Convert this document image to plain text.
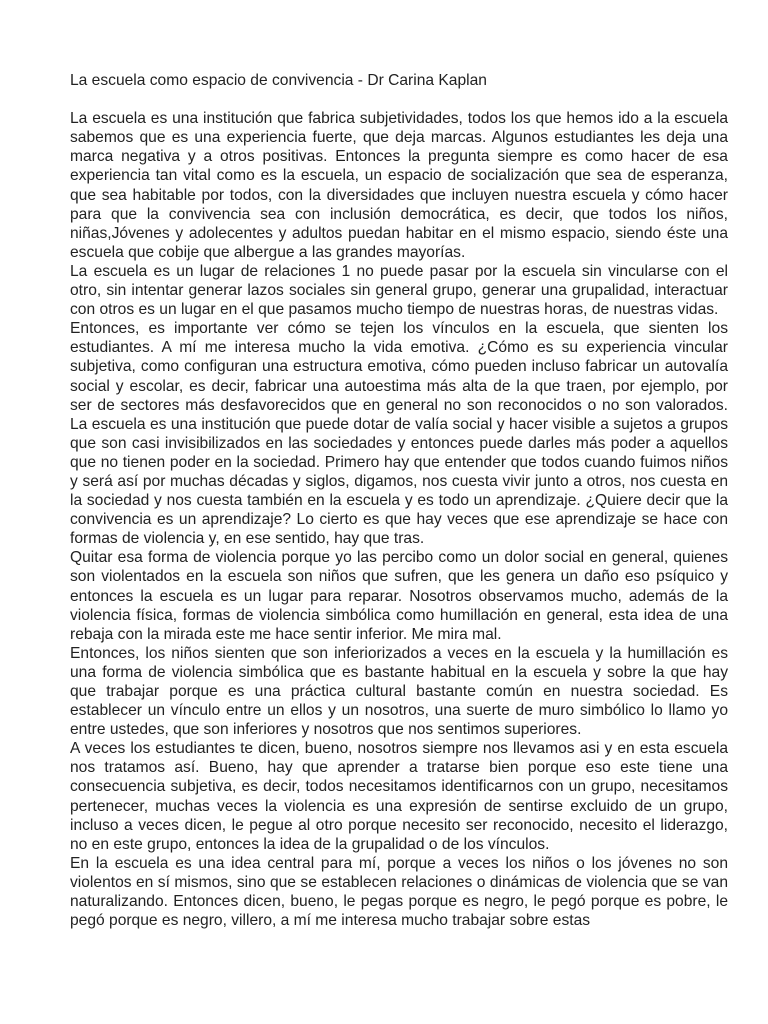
La escuela como espacio de convivencia - Dr Carina Kaplan

La escuela es una institución que fabrica subjetividades, todos los que hemos ido a la escuela sabemos que es una experiencia fuerte, que deja marcas. Algunos estudiantes les deja una marca negativa y a otros positivas. Entonces la pregunta siempre es como hacer de esa experiencia tan vital como es la escuela, un espacio de socialización que sea de esperanza, que sea habitable por todos, con la diversidades que incluyen nuestra escuela y cómo hacer para que la convivencia sea con inclusión democrática, es decir, que todos los niños, niñas,Jóvenes y adolecentes y adultos puedan habitar en el mismo espacio, siendo éste una escuela que cobije que albergue a las grandes mayorías.

La escuela es un lugar de relaciones 1 no puede pasar por la escuela sin vincularse con el otro, sin intentar generar lazos sociales sin general grupo, generar una grupalidad, interactuar con otros es un lugar en el que pasamos mucho tiempo de nuestras horas, de nuestras vidas.

Entonces, es importante ver cómo se tejen los vínculos en la escuela, que sienten los estudiantes. A mí me interesa mucho la vida emotiva. ¿Cómo es su experiencia vincular subjetiva, como configuran una estructura emotiva, cómo pueden incluso fabricar un autovalía social y escolar, es decir, fabricar una autoestima más alta de la que traen, por ejemplo, por ser de sectores más desfavorecidos que en general no son reconocidos o no son valorados. La escuela es una institución que puede dotar de valía social y hacer visible a sujetos a grupos que son casi invisibilizados en las sociedades y entonces puede darles más poder a aquellos que no tienen poder en la sociedad. Primero hay que entender que todos cuando fuimos niños y será así por muchas décadas y siglos, digamos, nos cuesta vivir junto a otros, nos cuesta en la sociedad y nos cuesta también en la escuela y es todo un aprendizaje. ¿Quiere decir que la convivencia es un aprendizaje? Lo cierto es que hay veces que ese aprendizaje se hace con formas de violencia y, en ese sentido, hay que tras.

Quitar esa forma de violencia porque yo las percibo como un dolor social en general, quienes son violentados en la escuela son niños que sufren, que les genera un daño eso psíquico y entonces la escuela es un lugar para reparar. Nosotros observamos mucho, además de la violencia física, formas de violencia simbólica como humillación en general, esta idea de una rebaja con la mirada este me hace sentir inferior. Me mira mal.

Entonces, los niños sienten que son inferiorizados a veces en la escuela y la humillación es una forma de violencia simbólica que es bastante habitual en la escuela y sobre la que hay que trabajar porque es una práctica cultural bastante común en nuestra sociedad. Es establecer un vínculo entre un ellos y un nosotros, una suerte de muro simbólico lo llamo yo entre ustedes, que son inferiores y nosotros que nos sentimos superiores.

A veces los estudiantes te dicen, bueno, nosotros siempre nos llevamos asi y en esta escuela nos tratamos así. Bueno, hay que aprender a tratarse bien porque eso este tiene una consecuencia subjetiva, es decir, todos necesitamos identificarnos con un grupo, necesitamos pertenecer, muchas veces la violencia es una expresión de sentirse excluido de un grupo, incluso a veces dicen, le pegue al otro porque necesito ser reconocido, necesito el liderazgo, no en este grupo, entonces la idea de la grupalidad o de los vínculos.

En la escuela es una idea central para mí, porque a veces los niños o los jóvenes no son violentos en sí mismos, sino que se establecen relaciones o dinámicas de violencia que se van naturalizando. Entonces dicen, bueno, le pegas porque es negro, le pegó porque es pobre, le pegó porque es negro, villero, a mí me interesa mucho trabajar sobre estas
